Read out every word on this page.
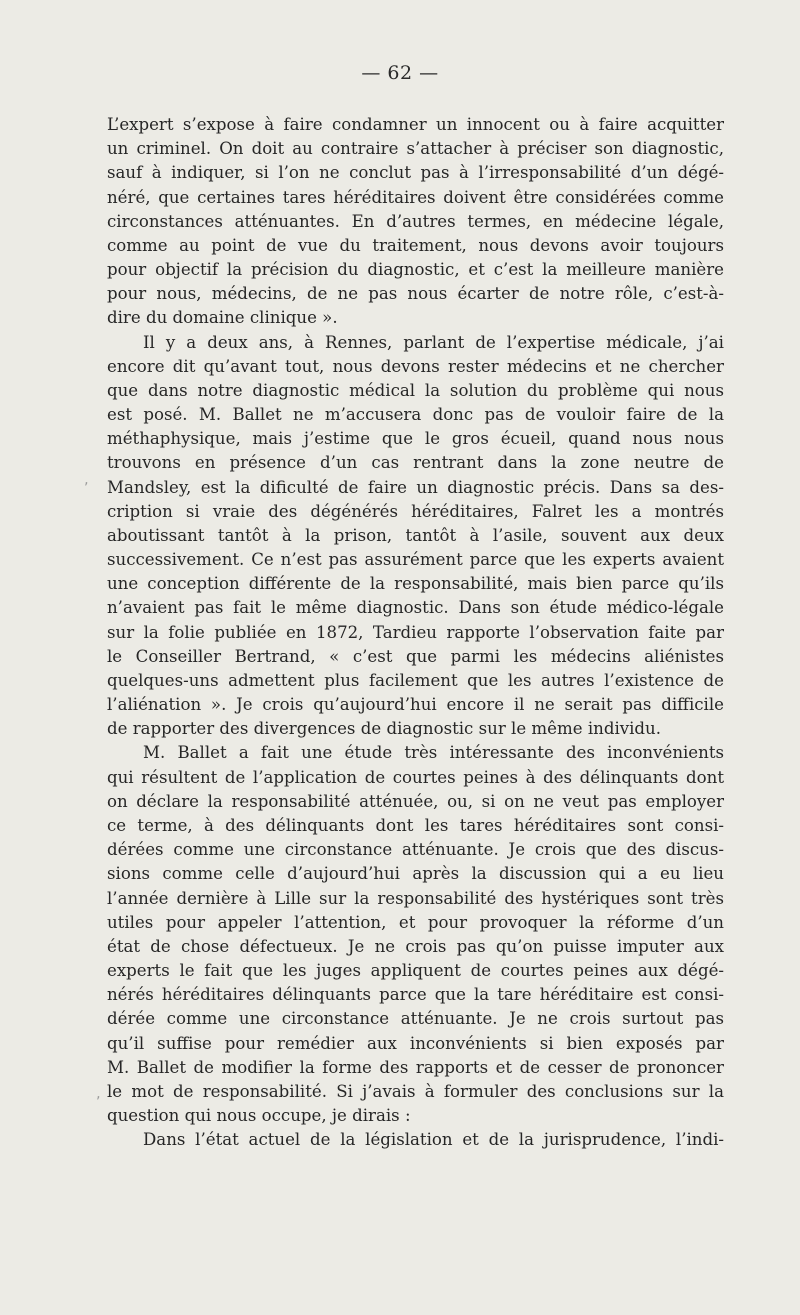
— 62 —
L’expert s’expose à faire condamner un innocent ou à faire acquitter
un criminel. On doit au contraire s’attacher à préciser son diagnostic,
sauf à indiquer, si l’on ne conclut pas à l’irresponsabilité d’un dégé-
néré, que certaines tares héréditaires doivent être considérées comme
circonstances atténuantes. En d’autres termes, en médecine légale,
comme au point de vue du traitement, nous devons avoir toujours
pour objectif la précision du diagnostic, et c’est la meilleure manière
pour nous, médecins, de ne pas nous écarter de notre rôle, c’est-à-
dire du domaine clinique ».
Il y a deux ans, à Rennes, parlant de l’expertise médicale, j’ai
encore dit qu’avant tout, nous devons rester médecins et ne chercher
que dans notre diagnostic médical la solution du problème qui nous
est posé. M. Ballet ne m’accusera donc pas de vouloir faire de la
méthaphysique, mais j’estime que le gros écueil, quand nous nous
trouvons en présence d’un cas rentrant dans la zone neutre de
Mandsley, est la dificulté de faire un diagnostic précis. Dans sa des-
cription si vraie des dégénérés héréditaires, Falret les a montrés
aboutissant tantôt à la prison, tantôt à l’asile, souvent aux deux
successivement. Ce n’est pas assurément parce que les experts avaient
une conception différente de la responsabilité, mais bien parce qu’ils
n’avaient pas fait le même diagnostic. Dans son étude médico-légale
sur la folie publiée en 1872, Tardieu rapporte l’observation faite par
le Conseiller Bertrand, « c’est que parmi les médecins aliénistes
quelques-uns admettent plus facilement que les autres l’existence de
l’aliénation ». Je crois qu’aujourd’hui encore il ne serait pas difficile
de rapporter des divergences de diagnostic sur le même individu.
M. Ballet a fait une étude très intéressante des inconvénients
qui résultent de l’application de courtes peines à des délinquants dont
on déclare la responsabilité atténuée, ou, si on ne veut pas employer
ce terme, à des délinquants dont les tares héréditaires sont consi-
dérées comme une circonstance atténuante. Je crois que des discus-
sions comme celle d’aujourd’hui après la discussion qui a eu lieu
l’année dernière à Lille sur la responsabilité des hystériques sont très
utiles pour appeler l’attention, et pour provoquer la réforme d’un
état de chose défectueux. Je ne crois pas qu’on puisse imputer aux
experts le fait que les juges appliquent de courtes peines aux dégé-
nérés héréditaires délinquants parce que la tare héréditaire est consi-
dérée comme une circonstance atténuante. Je ne crois surtout pas
qu’il suffise pour remédier aux inconvénients si bien exposés par
M. Ballet de modifier la forme des rapports et de cesser de prononcer
le mot de responsabilité. Si j’avais à formuler des conclusions sur la
question qui nous occupe, je dirais :
Dans l’état actuel de la législation et de la jurisprudence, l’indi-
‚
‚
